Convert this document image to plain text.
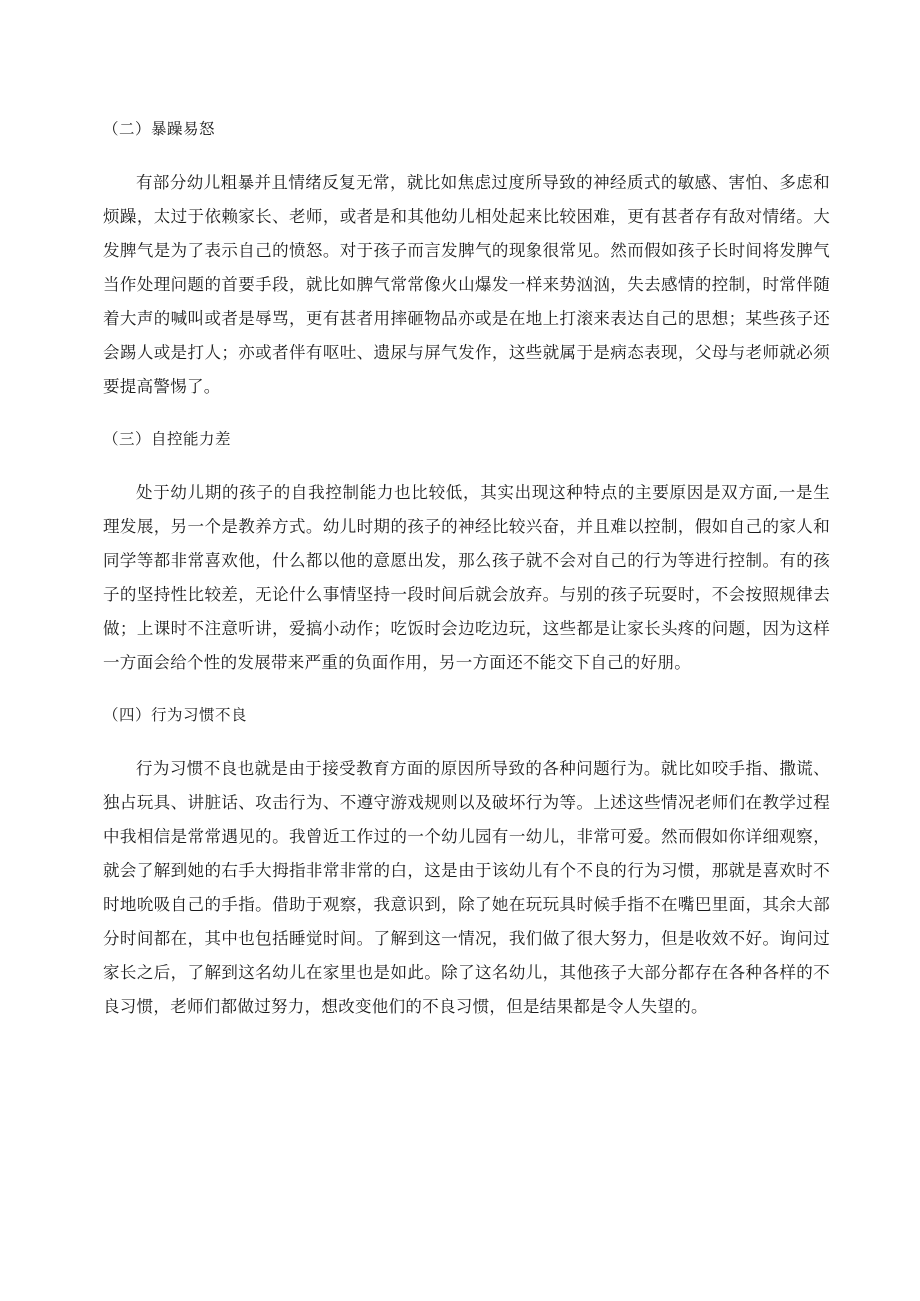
（二）暴躁易怒

有部分幼儿粗暴并且情绪反复无常，就比如焦虑过度所导致的神经质式的敏感、害怕、多虑和烦躁，太过于依赖家长、老师，或者是和其他幼儿相处起来比较困难，更有甚者存有敌对情绪。大发脾气是为了表示自己的愤怒。对于孩子而言发脾气的现象很常见。然而假如孩子长时间将发脾气当作处理问题的首要手段，就比如脾气常常像火山爆发一样来势汹汹，失去感情的控制，时常伴随着大声的喊叫或者是辱骂，更有甚者用摔砸物品亦或是在地上打滚来表达自己的思想；某些孩子还会踢人或是打人；亦或者伴有呕吐、遗尿与屏气发作，这些就属于是病态表现，父母与老师就必须要提高警惕了。

（三）自控能力差

处于幼儿期的孩子的自我控制能力也比较低，其实出现这种特点的主要原因是双方面,一是生理发展，另一个是教养方式。幼儿时期的孩子的神经比较兴奋，并且难以控制，假如自己的家人和同学等都非常喜欢他，什么都以他的意愿出发，那么孩子就不会对自己的行为等进行控制。有的孩子的坚持性比较差，无论什么事情坚持一段时间后就会放弃。与别的孩子玩耍时，不会按照规律去做；上课时不注意听讲，爱搞小动作；吃饭时会边吃边玩，这些都是让家长头疼的问题，因为这样一方面会给个性的发展带来严重的负面作用，另一方面还不能交下自己的好朋。

（四）行为习惯不良

行为习惯不良也就是由于接受教育方面的原因所导致的各种问题行为。就比如咬手指、撒谎、独占玩具、讲脏话、攻击行为、不遵守游戏规则以及破坏行为等。上述这些情况老师们在教学过程中我相信是常常遇见的。我曾近工作过的一个幼儿园有一幼儿，非常可爱。然而假如你详细观察，就会了解到她的右手大拇指非常非常的白，这是由于该幼儿有个不良的行为习惯，那就是喜欢时不时地吮吸自己的手指。借助于观察，我意识到，除了她在玩玩具时候手指不在嘴巴里面，其余大部分时间都在，其中也包括睡觉时间。了解到这一情况，我们做了很大努力，但是收效不好。询问过家长之后，了解到这名幼儿在家里也是如此。除了这名幼儿，其他孩子大部分都存在各种各样的不良习惯，老师们都做过努力，想改变他们的不良习惯，但是结果都是令人失望的。
